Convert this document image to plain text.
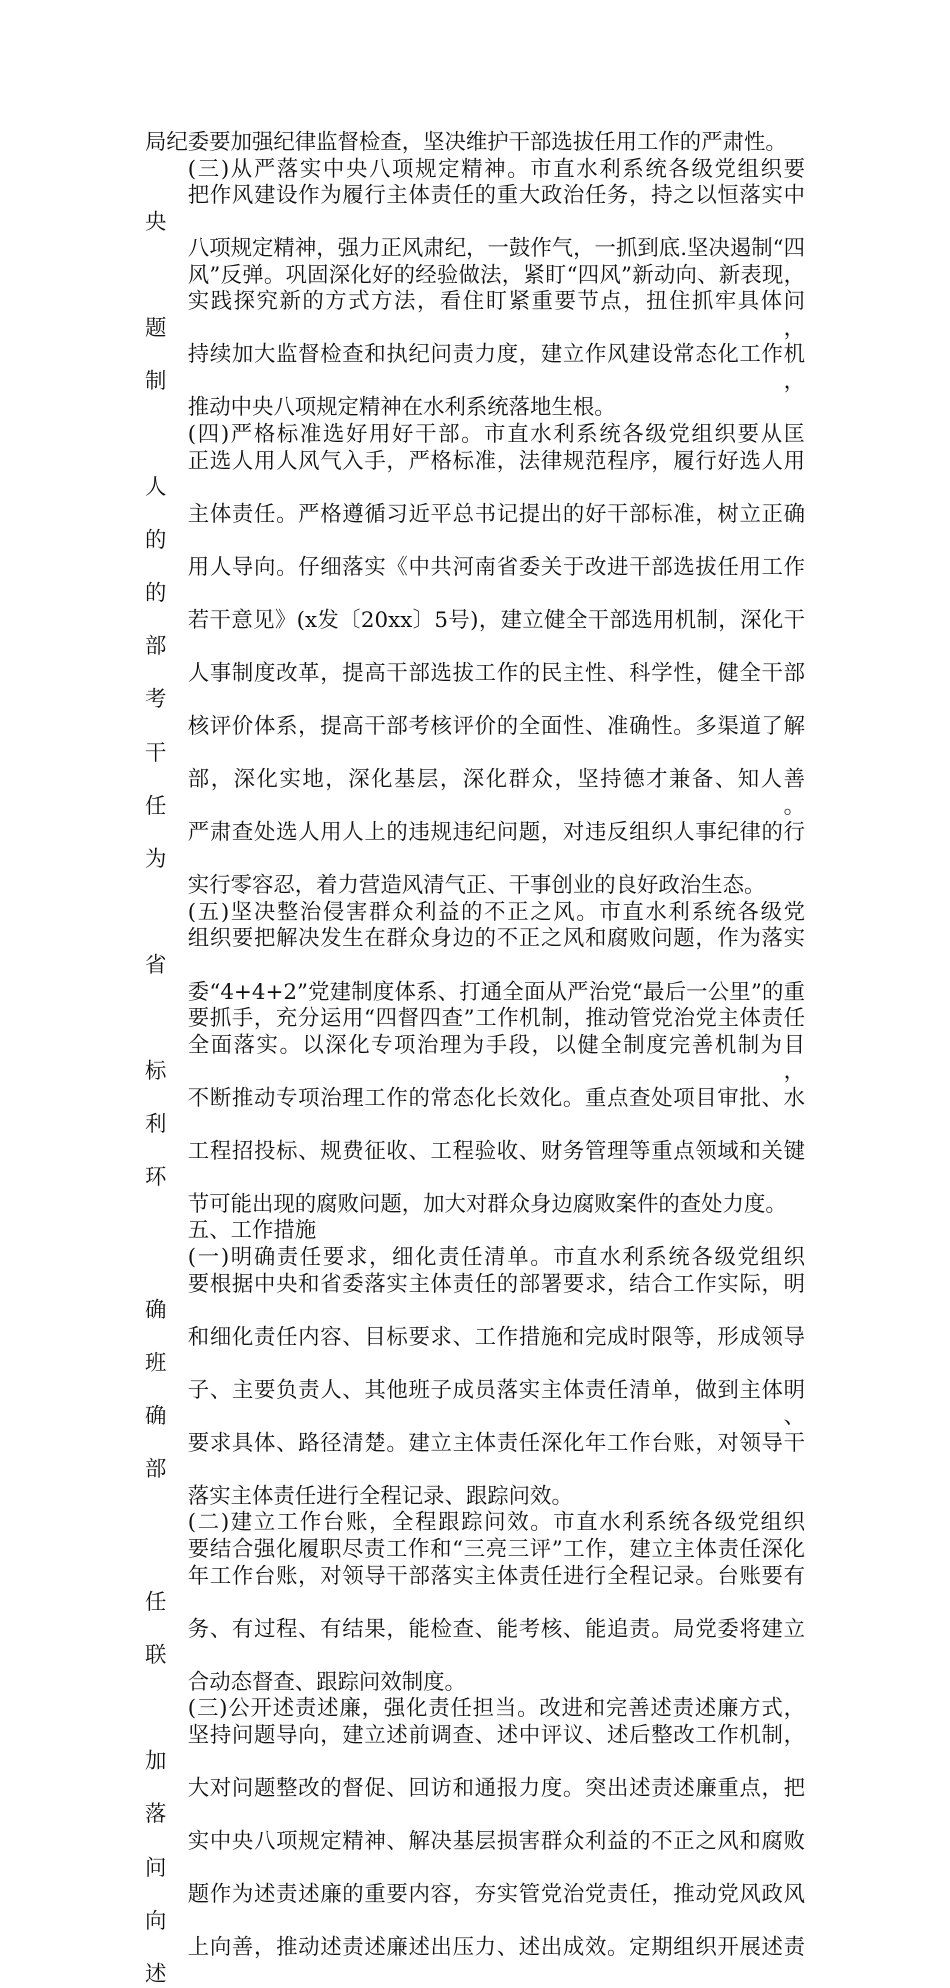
局纪委要加强纪律监督检查，坚决维护干部选拔任用工作的严肃性。

(三)从严落实中央八项规定精神。市直水利系统各级党组织要
把作风建设作为履行主体责任的重大政治任务，持之以恒落实中央
八项规定精神，强力正风肃纪，一鼓作气，一抓到底.坚决遏制“四
风”反弹。巩固深化好的经验做法，紧盯“四风”新动向、新表现，
实践探究新的方式方法，看住盯紧重要节点，扭住抓牢具体问题，
持续加大监督检查和执纪问责力度，建立作风建设常态化工作机制，
推动中央八项规定精神在水利系统落地生根。

(四)严格标准选好用好干部。市直水利系统各级党组织要从匡
正选人用人风气入手，严格标准，法律规范程序，履行好选人用人
主体责任。严格遵循习近平总书记提出的好干部标准，树立正确的
用人导向。仔细落实《中共河南省委关于改进干部选拔任用工作的
若干意见》(x发〔20xx〕5号)，建立健全干部选用机制，深化干部
人事制度改革，提高干部选拔工作的民主性、科学性，健全干部考
核评价体系，提高干部考核评价的全面性、准确性。多渠道了解干
部，深化实地，深化基层，深化群众，坚持德才兼备、知人善任。
严肃查处选人用人上的违规违纪问题，对违反组织人事纪律的行为
实行零容忍，着力营造风清气正、干事创业的良好政治生态。

(五)坚决整治侵害群众利益的不正之风。市直水利系统各级党
组织要把解决发生在群众身边的不正之风和腐败问题，作为落实省
委“4+4+2”党建制度体系、打通全面从严治党“最后一公里”的重
要抓手，充分运用“四督四查”工作机制，推动管党治党主体责任
全面落实。以深化专项治理为手段，以健全制度完善机制为目标，
不断推动专项治理工作的常态化长效化。重点查处项目审批、水利
工程招投标、规费征收、工程验收、财务管理等重点领域和关键环
节可能出现的腐败问题，加大对群众身边腐败案件的查处力度。

五、工作措施

(一)明确责任要求，细化责任清单。市直水利系统各级党组织
要根据中央和省委落实主体责任的部署要求，结合工作实际，明确
和细化责任内容、目标要求、工作措施和完成时限等，形成领导班
子、主要负责人、其他班子成员落实主体责任清单，做到主体明确、
要求具体、路径清楚。建立主体责任深化年工作台账，对领导干部
落实主体责任进行全程记录、跟踪问效。

(二)建立工作台账，全程跟踪问效。市直水利系统各级党组织
要结合强化履职尽责工作和“三亮三评”工作，建立主体责任深化
年工作台账，对领导干部落实主体责任进行全程记录。台账要有任
务、有过程、有结果，能检查、能考核、能追责。局党委将建立联
合动态督查、跟踪问效制度。

(三)公开述责述廉，强化责任担当。改进和完善述责述廉方式，
坚持问题导向，建立述前调查、述中评议、述后整改工作机制，加
大对问题整改的督促、回访和通报力度。突出述责述廉重点，把落
实中央八项规定精神、解决基层损害群众利益的不正之风和腐败问
题作为述责述廉的重要内容，夯实管党治党责任，推动党风政风向
上向善，推动述责述廉述出压力、述出成效。定期组织开展述责述
